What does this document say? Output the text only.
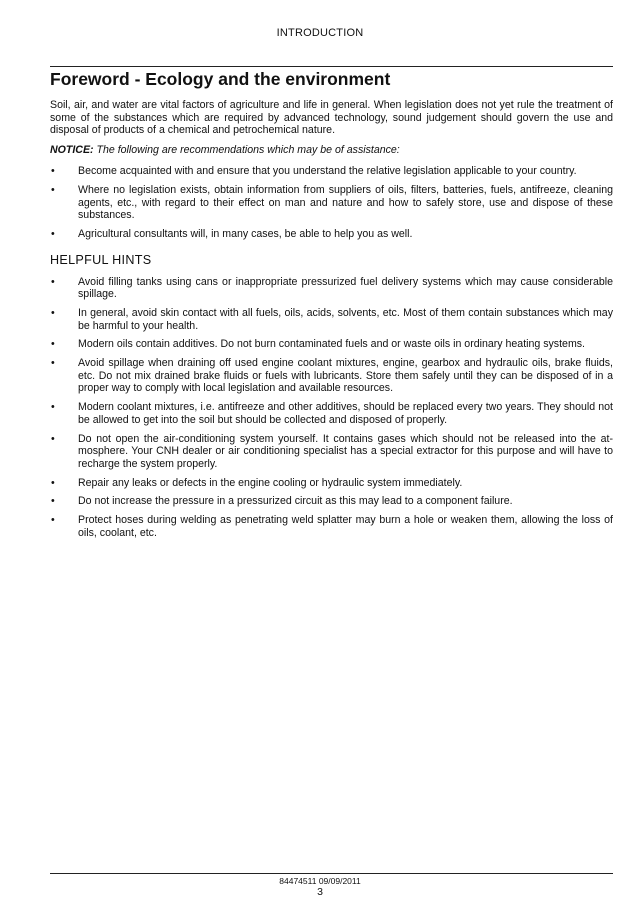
INTRODUCTION
Foreword - Ecology and the environment

Soil, air, and water are vital factors of agriculture and life in general. When legislation does not yet rule the treatment of some of the substances which are required by advanced technology, sound judgement should govern the use and disposal of products of a chemical and petrochemical nature.

NOTICE: The following are recommendations which may be of assistance:

• Become acquainted with and ensure that you understand the relative legislation applicable to your country.
• Where no legislation exists, obtain information from suppliers of oils, filters, batteries, fuels, antifreeze, cleaning agents, etc., with regard to their effect on man and nature and how to safely store, use and dispose of these substances.
• Agricultural consultants will, in many cases, be able to help you as well.
HELPFUL HINTS
• Avoid filling tanks using cans or inappropriate pressurized fuel delivery systems which may cause considerable spillage.
• In general, avoid skin contact with all fuels, oils, acids, solvents, etc. Most of them contain substances which may be harmful to your health.
• Modern oils contain additives. Do not burn contaminated fuels and or waste oils in ordinary heating systems.
• Avoid spillage when draining off used engine coolant mixtures, engine, gearbox and hydraulic oils, brake fluids, etc. Do not mix drained brake fluids or fuels with lubricants. Store them safely until they can be disposed of in a proper way to comply with local legislation and available resources.
• Modern coolant mixtures, i.e. antifreeze and other additives, should be replaced every two years. They should not be allowed to get into the soil but should be collected and disposed of properly.
• Do not open the air-conditioning system yourself. It contains gases which should not be released into the at-mosphere. Your CNH dealer or air conditioning specialist has a special extractor for this purpose and will have to recharge the system properly.
• Repair any leaks or defects in the engine cooling or hydraulic system immediately.
• Do not increase the pressure in a pressurized circuit as this may lead to a component failure.
• Protect hoses during welding as penetrating weld splatter may burn a hole or weaken them, allowing the loss of oils, coolant, etc.
84474511 09/09/2011
3
